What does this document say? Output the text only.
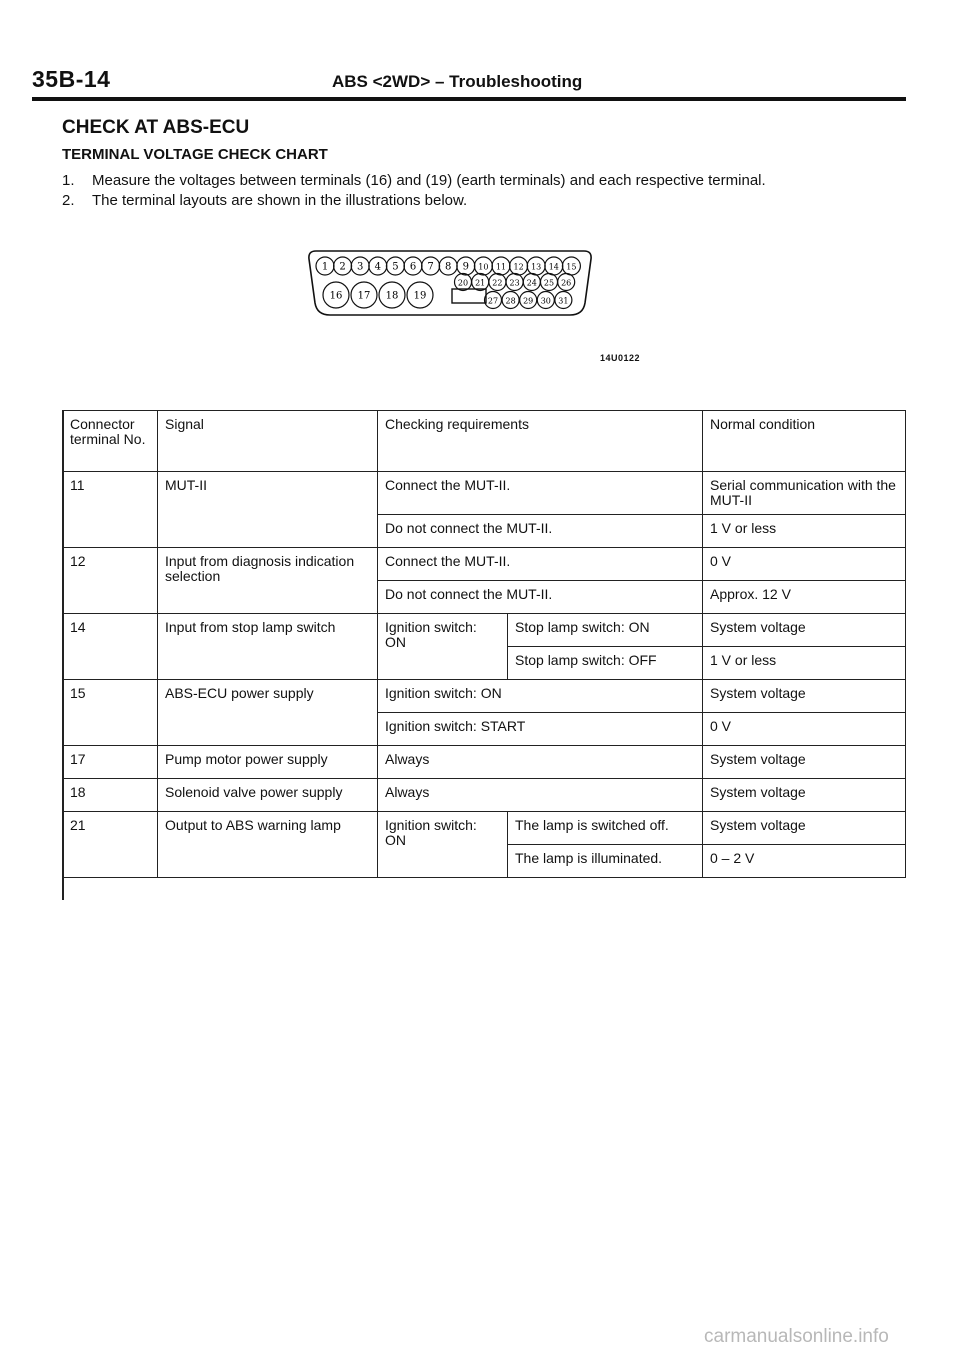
35B-14	ABS <2WD> – Troubleshooting
CHECK AT ABS-ECU
TERMINAL VOLTAGE CHECK CHART
1. Measure the voltages between terminals (16) and (19) (earth terminals) and each respective terminal.
2. The terminal layouts are shown in the illustrations below.
1 2 3 4 5 6 7 8 9 10 11 12 13 14 15
20 21 22 23 24 25 26
16 17 18 19	27 28 29 30 31
14U0122
Connector terminal No.	Signal	Checking requirements		Normal condition
11	MUT-II	Connect the MUT-II.		Serial communication with the MUT-II
		Do not connect the MUT-II.		1 V or less
12	Input from diagnosis indication selection	Connect the MUT-II.		0 V
		Do not connect the MUT-II.		Approx. 12 V
14	Input from stop lamp switch	Ignition switch: ON	Stop lamp switch: ON	System voltage
			Stop lamp switch: OFF	1 V or less
15	ABS-ECU power supply	Ignition switch: ON		System voltage
		Ignition switch: START		0 V
17	Pump motor power supply	Always		System voltage
18	Solenoid valve power supply	Always		System voltage
21	Output to ABS warning lamp	Ignition switch: ON	The lamp is switched off.	System voltage
			The lamp is illuminated.	0 – 2 V
carmanualsonline.info
